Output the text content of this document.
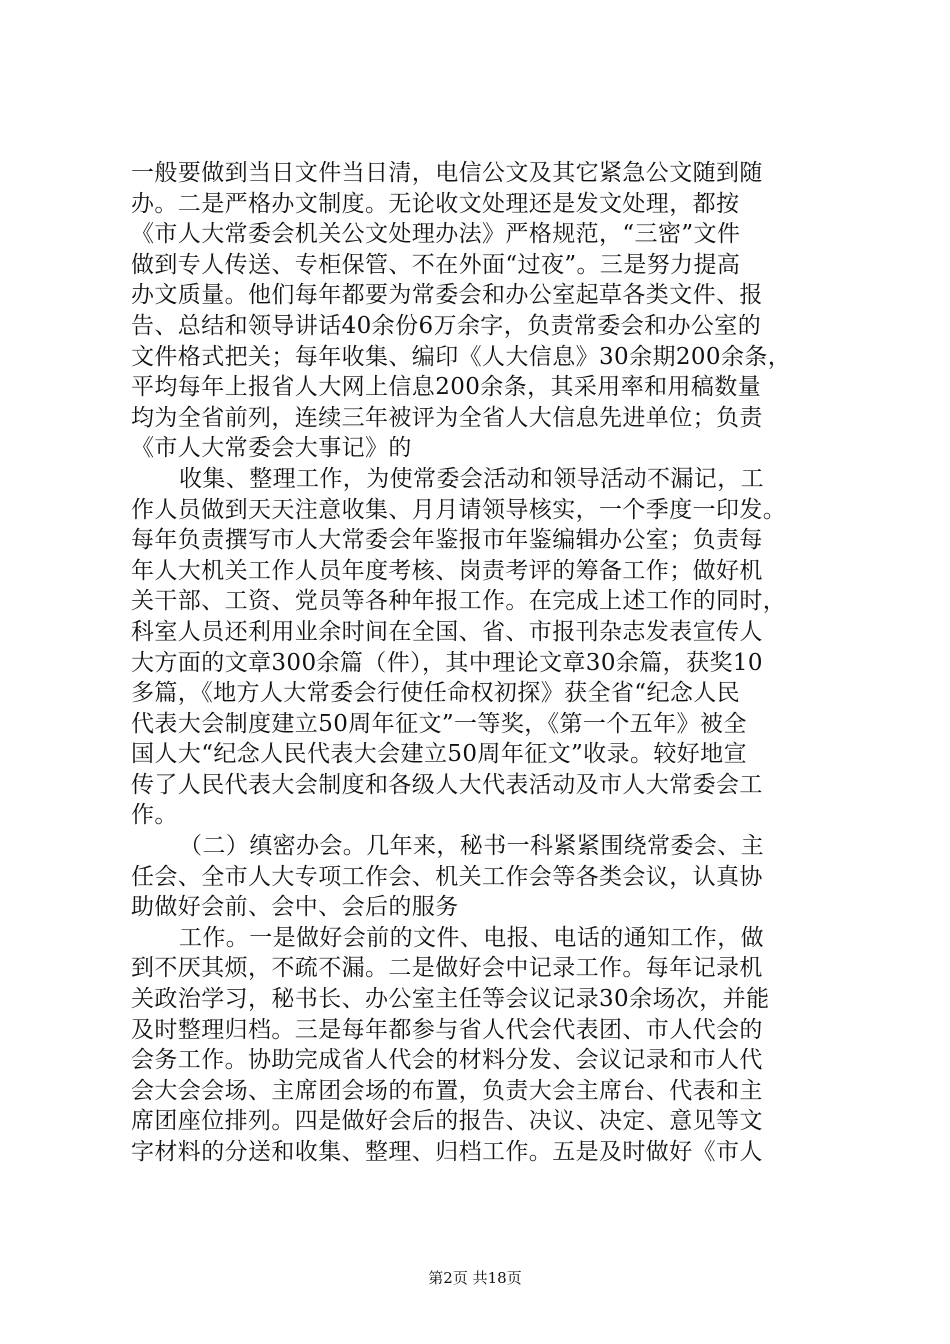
一般要做到当日文件当日清，电信公文及其它紧急公文随到随
办。二是严格办文制度。无论收文处理还是发文处理，都按
《市人大常委会机关公文处理办法》严格规范，“三密”文件
做到专人传送、专柜保管、不在外面“过夜”。三是努力提高
办文质量。他们每年都要为常委会和办公室起草各类文件、报
告、总结和领导讲话40余份6万余字，负责常委会和办公室的
文件格式把关；每年收集、编印《人大信息》30余期200余条，
平均每年上报省人大网上信息200余条，其采用率和用稿数量
均为全省前列，连续三年被评为全省人大信息先进单位；负责
《市人大常委会大事记》的
收集、整理工作，为使常委会活动和领导活动不漏记，工
作人员做到天天注意收集、月月请领导核实，一个季度一印发。
每年负责撰写市人大常委会年鉴报市年鉴编辑办公室；负责每
年人大机关工作人员年度考核、岗责考评的筹备工作；做好机
关干部、工资、党员等各种年报工作。在完成上述工作的同时，
科室人员还利用业余时间在全国、省、市报刊杂志发表宣传人
大方面的文章300余篇（件），其中理论文章30余篇，获奖10
多篇，《地方人大常委会行使任命权初探》获全省“纪念人民
代表大会制度建立50周年征文”一等奖，《第一个五年》被全
国人大“纪念人民代表大会建立50周年征文”收录。较好地宣
传了人民代表大会制度和各级人大代表活动及市人大常委会工
作。
（二）缜密办会。几年来，秘书一科紧紧围绕常委会、主
任会、全市人大专项工作会、机关工作会等各类会议，认真协
助做好会前、会中、会后的服务
工作。一是做好会前的文件、电报、电话的通知工作，做
到不厌其烦，不疏不漏。二是做好会中记录工作。每年记录机
关政治学习，秘书长、办公室主任等会议记录30余场次，并能
及时整理归档。三是每年都参与省人代会代表团、市人代会的
会务工作。协助完成省人代会的材料分发、会议记录和市人代
会大会会场、主席团会场的布置，负责大会主席台、代表和主
席团座位排列。四是做好会后的报告、决议、决定、意见等文
字材料的分送和收集、整理、归档工作。五是及时做好《市人
第2页 共18页
